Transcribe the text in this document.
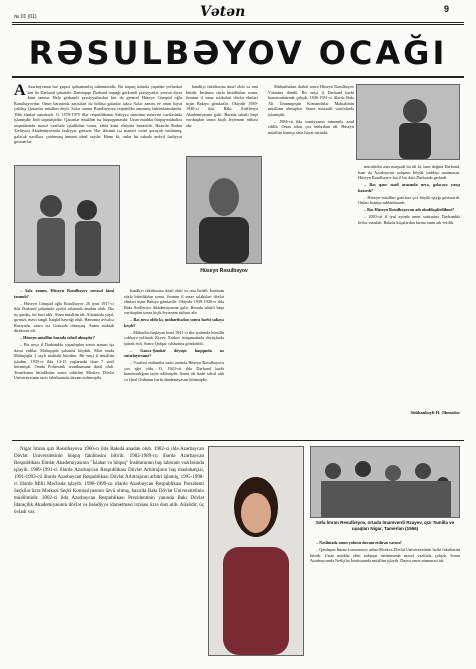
№ 01 (01)	Vətən	9
RƏSULBƏYOV OCAĞI
A Azərbaycanın hər guşəsi qəhrəmanlıq salnaməsidir. Bu torpaq özündə yaşadan yerlərdən biri də Dərbənd şəhəridir. Dəmirqapı Dərbənd torpağı görkəmli şəxsiyyətlər yetirən diyar kimi tanınır. Belə görkəmli şəxsiyyətlərdən biri də general Hüseyn Cümşüd oğlu Rəsulbəyovdur. Onun barəsində xatirələri ilə bölüşə gələnlər təkcə Səfər xanım ve onun həyat yoldaşı Qəzənfər müəllim deyil. Səfər xanım Rəsulbəyova respublika tanınmış həkimlərindəndir. Tibb elmləri namizədi. O, 1978-1975 illər respublikanın Səhiyyə nazirinin müavini vəzifəsində işləmişdir. İndi təqaüdçüdür. Qəzənfər müəllim isə hüquqşünasdır. Uzun müddət hüquq-mühafizə orqanlarında məsul vəzifədə işlədikdən sonra, zabit kimi ehtiyata buraxılıb. Hazırda Bədən Tərbiyəsi Akademiyasında fəaliyyət göstərir. Hər ikisinin isə mənəvi irsini qoruyub saxlamaq, gələcək nəsillərə çatdırmaq ümumi ideal sayılır. Hansı ki, onlar bu sahədə ardıcıl fəaliyyət göstərirlər.

– Səfə xanım, Hüseyn Rəsulbəyov necəsəl kimi tanınıb?

– Hüseyn Cümşüd oğlu Rəsulbəyov 26 iyun 1917-ci ildə Dərbənd şəhərində əyalət ailəsində anadan olub. Biz üç qardaş, iki bacı idik. Atam müəllim idi. Ailəmizdə yaşıl, qırmızı, mavi rəngli İstiqlal bayrağı olub. Hamımız əvvəlcə Rusiyada, sonra isə Gəncədə olmuşuq. Anam məktəb direktoru idi.

– Hüseyn müəllim harada təhsil almışdır?

– Bir neçə il Dərbənddə yaşadıqdan sonra atasını işə dəvət etdilər. Mahaçqala şəhərinə köçdük. Mən orada Mahaçqala 1 saylı məktəbi bitirdim. Bir neçə il müəllim işlədim. 1935-ci ildə 14-15 yaşlarında ikən 7 sinfi bitirmişdi. Orada Politexnik texnikumuna daxil olub. Texnikumu bitirdikdən sonra təhsilini Moskva Dövlət Universitetinin tarix fakültəsində davam etdirmişdir.

bandlıyı fakültəsinə daxil olub və onu bitirib. İnstitutu sözlə bitirdikdən sonra, fironun il sınaz tələbələri dövlət elmləri üçün Bakıya göndərilir. Oktyabr 1939-1940-cı ildə Bakı Artilleriya Akademiyasına gəlir. Burada təhsili başa vurduqdan sonra kiçik leytenant rütbəsi alır.

– Bəs necə oldu ki, müharibədən sonra hərbi sahəyə keçdi?

– Müharibə başlayan kimi 1941-ci ilin iyulunda könüllü cəbhəyə yollandı. Kiyev, Xarkov istiqamətində döyüşlərdə iştirak etdi. Sonra Qafqaz cəbhəsinə göndərildi.

– Gəncə-Şəmkir döyüşü haqqında nə xatırlayırsınız?

– Vəzifəsi müharibə vaxtı ərzində Hüseyn Rəsulbəyova çox ağır oldu. O, 1943-cü ildə Dərbənd hərbi komissarlığına təyin edilmişdir. Sonra ali hərbi təhsil alıb və Qızıl Ordunun hərbi akademiyasını bitirmişdir.

bandlıyı fakültəsinə daxil olub və onu bitirib. İnstitutu sözlə bitirdikdən sonra, fironun il sınaz tələbələri dövlət elmləri üçün Bakıya göndərilir. Oktyabr 1939-1940-cı ildə Bakı Artilleriya Akademiyasına gəlir. Burada təhsili başa vurduqdan sonra kiçik leytenant rütbəsi alır.

Hüseyn Rəsulbəyov

Müharibədən dərhal sonra Hüseyn Rəsulbəyov Vətəninə döndü. Bir neçə il Dərbənd hərbi komissariatında çalışdı. 1946-1951-ci illərdə Bakı Ali Ümumqoşun Komandirlər Məktəbinin müəllimi olmuşdur. Sonra müxtəlif vəzifələrdə işləmişdir.

– 1984-cü ildə səmiyyənin tamamilə azad edilib. Onun ailəsi çox mehriban idi. Hüseyn müəllim həmişə sadə həyat sürürdü.

mücahidin əsas məqsədi bu idi ki, həm doğma Dərbənd, həm də Azərbaycan xalqının böyük yaddaşı unutmasın. Hüseyn Rəsulbəyov hər il bir dəfə Dərbəndə gedərdi.

– Bəs qənc nəsil arasında necə, gələcəyə yaxşı baxırdı?

– Hüseyn müəllim gənclərə çox böyük qayğı göstərərdi. Onları həmişə ruhlandırardı.

– Bəs Hüseyn Rəsulbəyovun adı əbədiləşdirilibmi?

– 2003-cü il iyul ayında onun xatirəsinə Dərbənddə lövhə vurulub. Bakıda küçələrdən birinə onun adı verilib.

Sübhanbəyli H. Əhmədov

Nigar İmran qızı Rəsulbəyova 1960-cı ildə Bakıda anadan olub. 1982-ci ildə Azərbaycan Dövlət Universitetinin hüquq fakültəsini bitirib. 1982-1989-cu illərdə Azərbaycan Respublikası Elmlər Akademiyasının "İslahat və hüquq" İnstitutunun baş laborant vəzifəsində işləyib. 1989-1991-ci illərdə Azərbaycan Respublikası Dövlət Arbitrajının baş məsləhətçisi, 1991-1993-cü illərdə Azərbaycan Respublikası Dövlət Arbitrajının arbitri işləmiş, 1995-1998-ci illərdə Milli Məclisdə işləyib. 1998-1999-cu illərdə Azərbaycan Respublikası Prezidenti Seçkilər üzrə Mərkəzi Seçki Komissiyasının üzvü olmuş, hazırda Bakı Dövlət Universitetinin müəllimidir. 2002-ci ildə Azərbaycan Respublikası Prezidentinin yanında Bakı Dövlət İdarəçilik Akademiyasının dövlət və bələdiyyə idarəetməsi ixtisası üzrə dərs alib. Ailəlidir, üç övladı var.

Səfa İmran Rəsulbəyov, ortada İmamverdi Rzayev, qızı Tamilla və uşaqları Nigar, Tamerlan (1966)

– Nəslinizdə onun yolunu davam etdirən varmı?

– Qardaşım İmran Lomonosov adına Moskva Dövlət Universitetinin fiziki fakültəsini bitirib. Uzun müddət elmi tədqiqat institutunda məsul vəzifədə çalışıb. Sonra Azərbaycanda Neftçilər İnstitutunda müəllim işləyib. Dayısı onun nümunəsi idi.
